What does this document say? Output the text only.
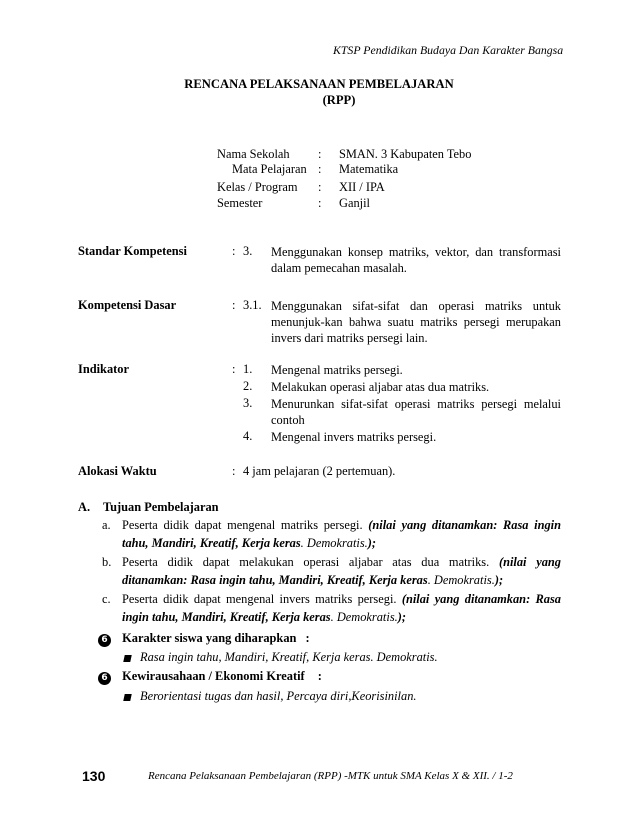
KTSP Pendidikan Budaya Dan Karakter Bangsa
RENCANA PELAKSANAAN PEMBELAJARAN
(RPP)
Nama Sekolah : SMAN. 3 Kabupaten Tebo
Mata Pelajaran : Matematika
Kelas / Program : XII / IPA
Semester	: Ganjil
Standar Kompetensi	: 3. Menggunakan konsep matriks, vektor, dan transformasi
dalam pemecahan masalah.
Kompetensi Dasar	: 3.1. Menggunakan sifat-sifat dan operasi matriks untuk
menunjuk-kan bahwa suatu matriks persegi merupakan
invers dari matriks persegi lain.
Indikator	: 1. Mengenal matriks persegi.
2. Melakukan operasi aljabar atas dua matriks.
3. Menurunkan sifat-sifat operasi matriks persegi melalui
contoh
4. Mengenal invers matriks persegi.
Alokasi Waktu	: 4 jam pelajaran (2 pertemuan).
A. Tujuan Pembelajaran
a. Peserta didik dapat mengenal matriks persegi. (nilai yang ditanamkan: Rasa ingin tahu, Mandiri, Kreatif, Kerja keras. Demokratis.);
b. Peserta didik dapat melakukan operasi aljabar atas dua matriks. (nilai yang ditanamkan: Rasa ingin tahu, Mandiri, Kreatif, Kerja keras. Demokratis.);
c. Peserta didik dapat mengenal invers matriks persegi. (nilai yang ditanamkan: Rasa ingin tahu, Mandiri, Kreatif, Kerja keras. Demokratis.);
6 Karakter siswa yang diharapkan :
Rasa ingin tahu, Mandiri, Kreatif, Kerja keras. Demokratis.
6 Kewirausahaan / Ekonomi Kreatif :
Berorientasi tugas dan hasil, Percaya diri,Keorisinilan.
130	Rencana Pelaksanaan Pembelajaran (RPP) -MTK untuk SMA Kelas X & XII. / 1-2
